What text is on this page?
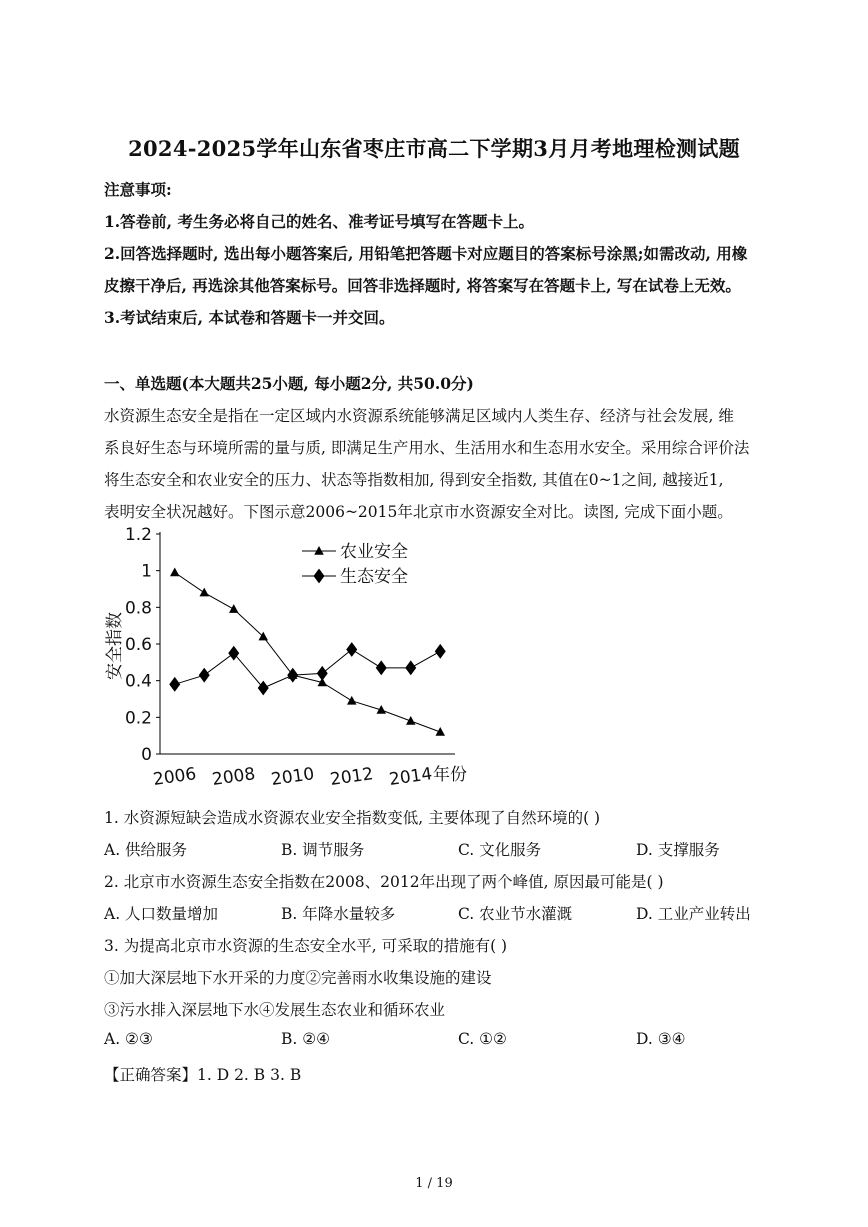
2024-2025学年山东省枣庄市高二下学期3月月考地理检测试题
注意事项:
1.答卷前, 考生务必将自己的姓名、准考证号填写在答题卡上。
2.回答选择题时, 选出每小题答案后, 用铅笔把答题卡对应题目的答案标号涂黑;如需改动, 用橡
皮擦干净后, 再选涂其他答案标号。回答非选择题时, 将答案写在答题卡上, 写在试卷上无效。
3.考试结束后, 本试卷和答题卡一并交回。
一、单选题(本大题共25小题, 每小题2分, 共50.0分)
水资源生态安全是指在一定区域内水资源系统能够满足区域内人类生存、经济与社会发展, 维
系良好生态与环境所需的量与质, 即满足生产用水、生活用水和生态用水安全。采用综合评价法
将生态安全和农业安全的压力、状态等指数相加, 得到安全指数, 其值在0~1之间, 越接近1,
表明安全状况越好。下图示意2006~2015年北京市水资源安全对比。读图, 完成下面小题。
0
0.2
0.4
0.6
0.8
1
1.2
2006 2008 2010 2012 2014 年份
安全指数
农业安全
生态安全
1. 水资源短缺会造成水资源农业安全指数变低, 主要体现了自然环境的( )
A. 供给服务	B. 调节服务	C. 文化服务	D. 支撑服务
2. 北京市水资源生态安全指数在2008、2012年出现了两个峰值, 原因最可能是( )
A. 人口数量增加	B. 年降水量较多	C. 农业节水灌溉	D. 工业产业转出
3. 为提高北京市水资源的生态安全水平, 可采取的措施有( )
①加大深层地下水开采的力度②完善雨水收集设施的建设
③污水排入深层地下水④发展生态农业和循环农业
A. ②③	B. ②④	C. ①②	D. ③④
【正确答案】1. D 2. B 3. B
1 / 19
